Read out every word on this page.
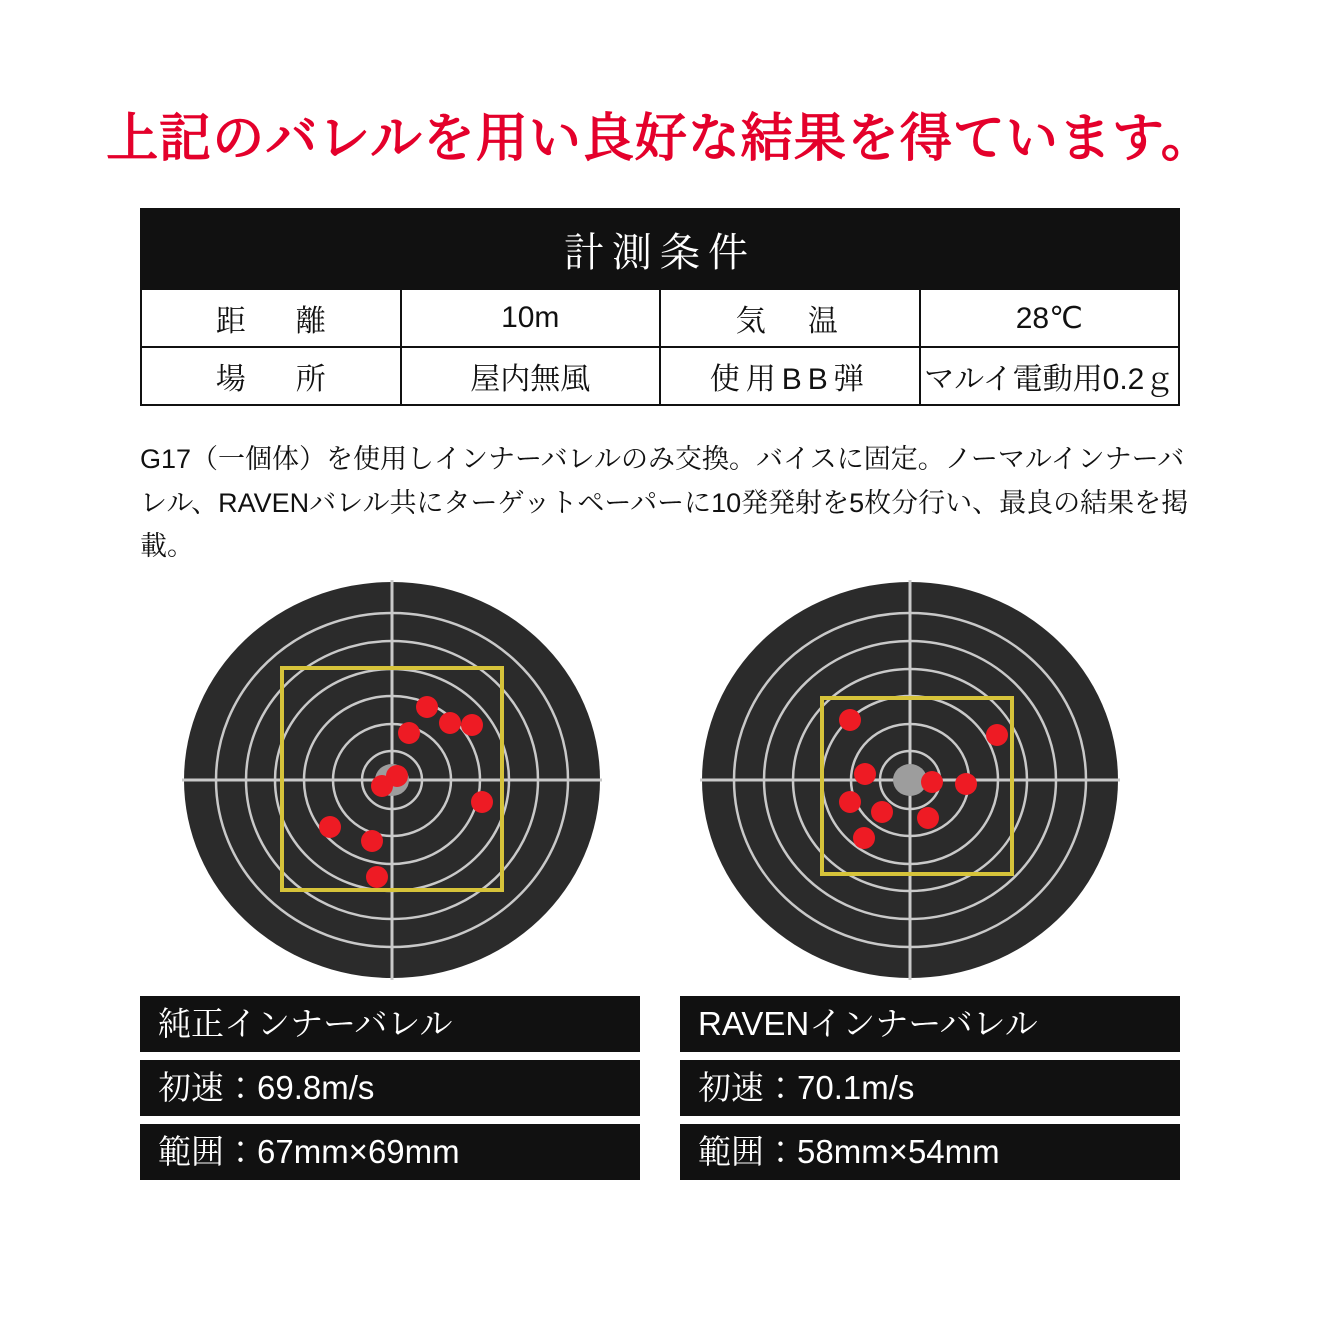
上記のバレルを用い良好な結果を得ています。
計測条件			
距　離	10m	気　温	28℃
場　所	屋内無風	使用BB弾	マルイ電動用0.2ｇ
G17（一個体）を使用しインナーバレルのみ交換。バイスに固定。ノーマルインナーバレル、RAVENバレル共にターゲットペーパーに10発発射を5枚分行い、最良の結果を掲載。
純正インナーバレル
初速：69.8m/s
範囲：67mm×69mm
RAVENインナーバレル
初速：70.1m/s
範囲：58mm×54mm
